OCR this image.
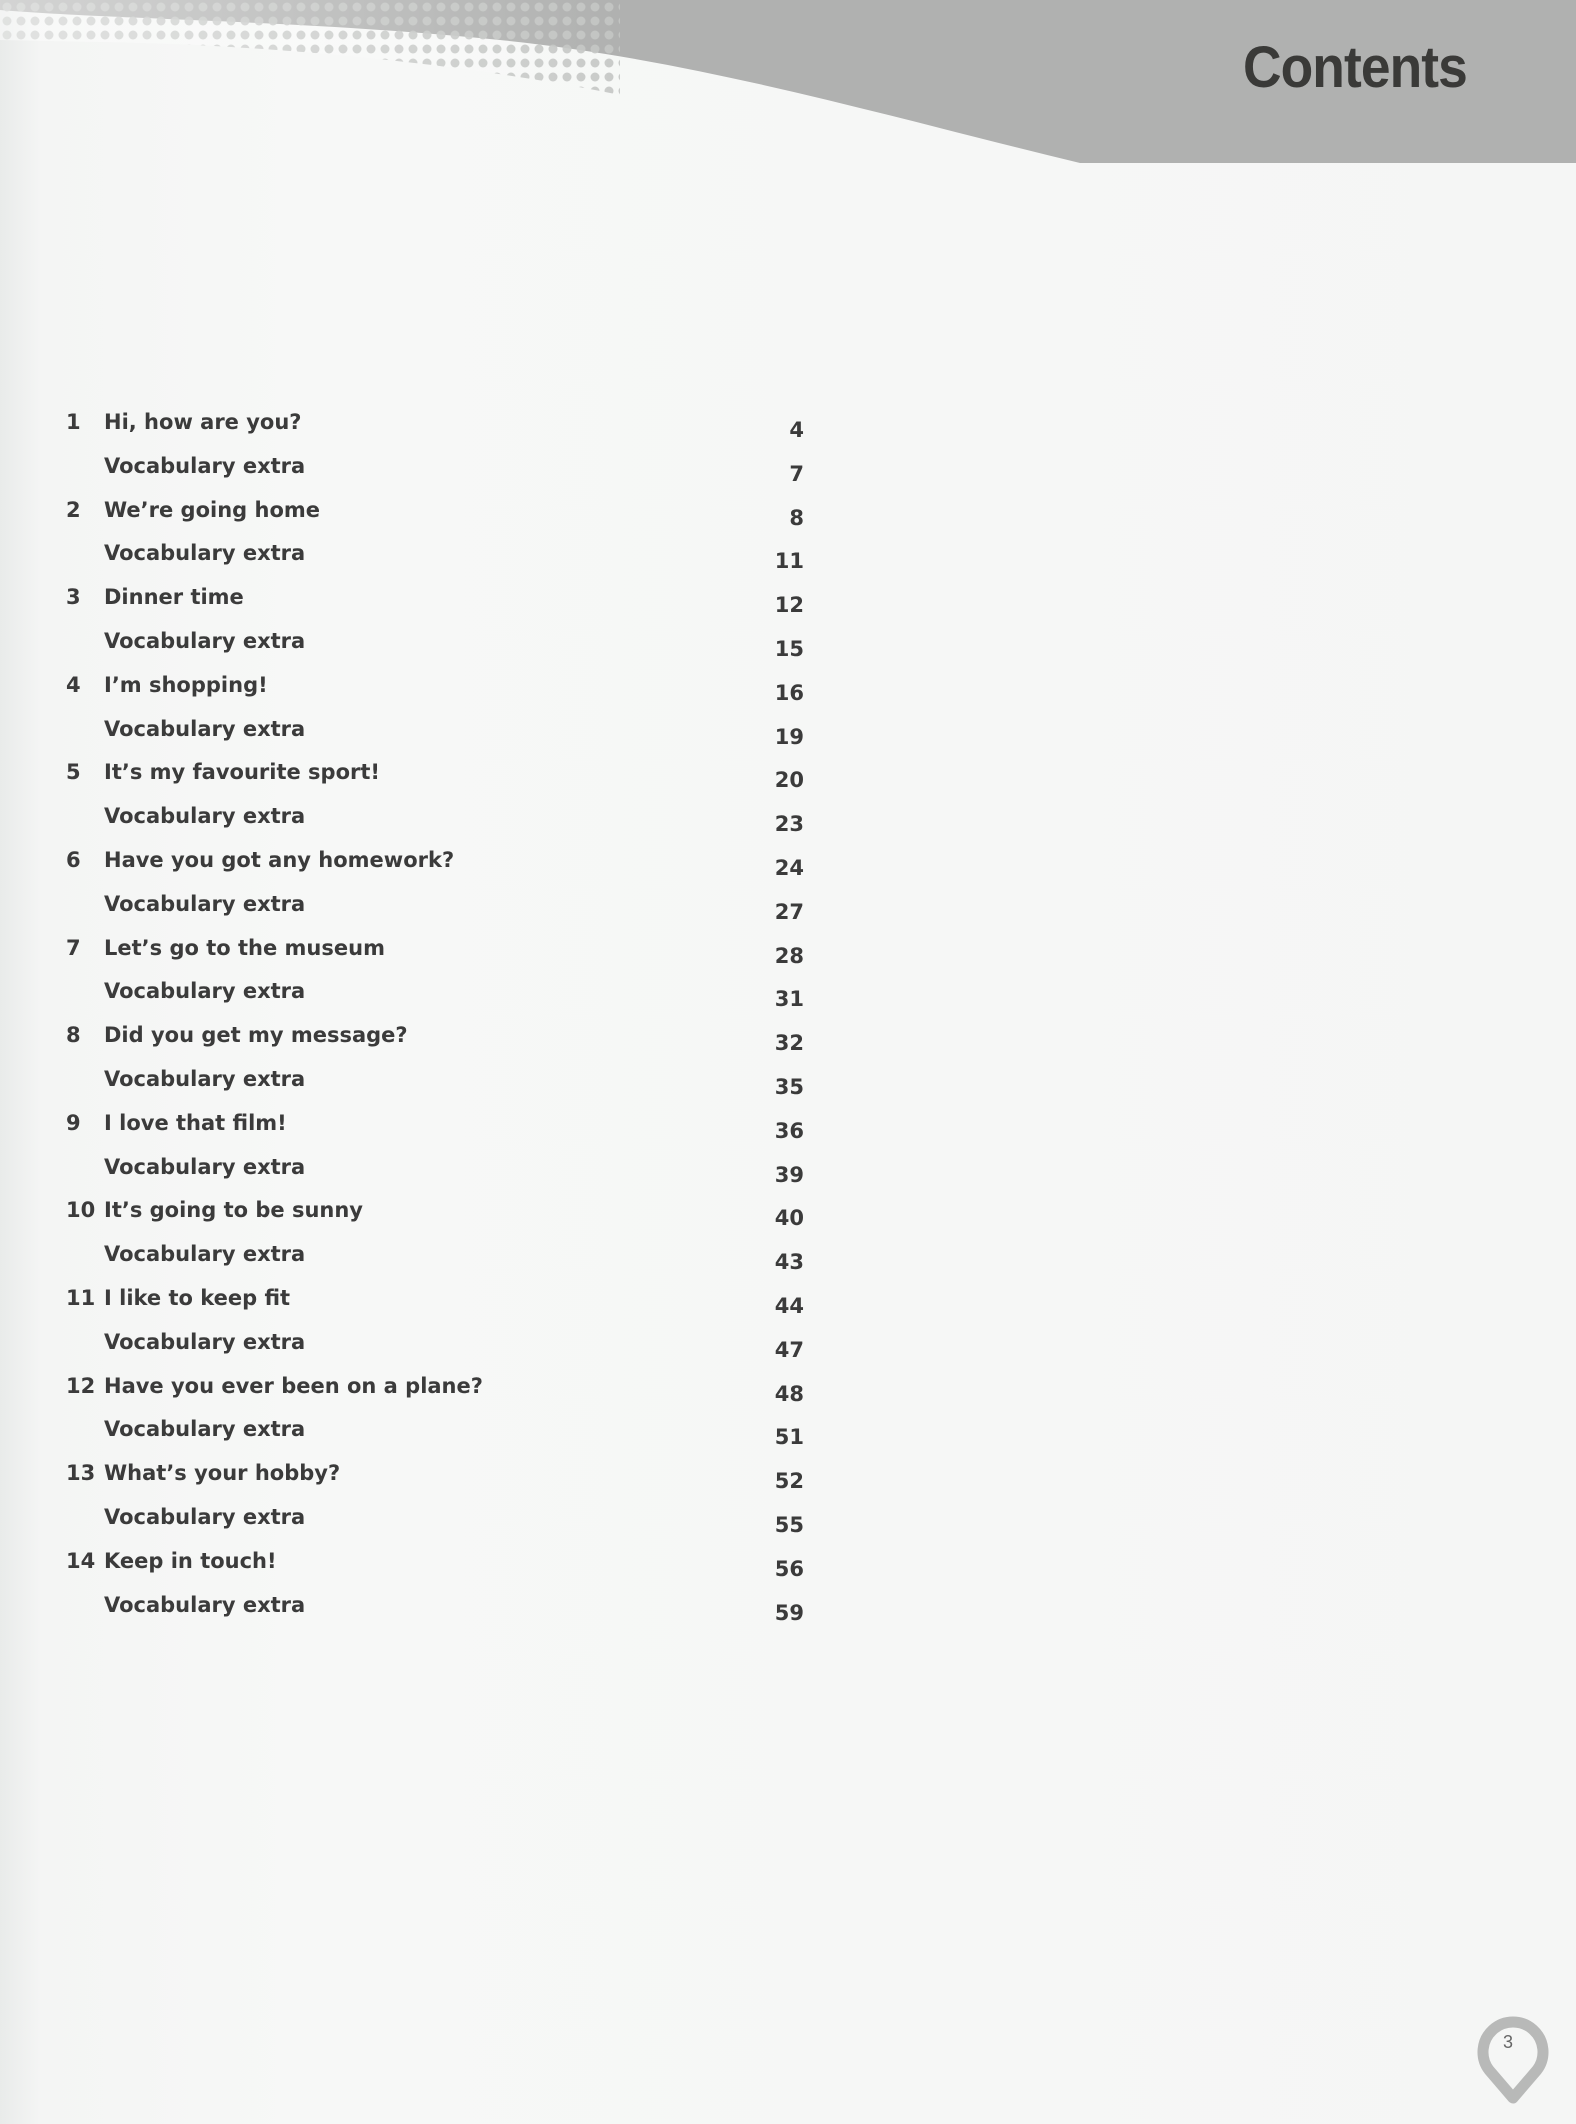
Contents
1	Hi, how are you?	4
Vocabulary extra	7
2	We’re going home	8
Vocabulary extra	11
3	Dinner time	12
Vocabulary extra	15
4	I’m shopping!	16
Vocabulary extra	19
5	It’s my favourite sport!	20
Vocabulary extra	23
6	Have you got any homework?	24
Vocabulary extra	27
7	Let’s go to the museum	28
Vocabulary extra	31
8	Did you get my message?	32
Vocabulary extra	35
9	I love that film!	36
Vocabulary extra	39
10 It’s going to be sunny	40
Vocabulary extra	43
11 I like to keep fit	44
Vocabulary extra	47
12 Have you ever been on a plane?	48
Vocabulary extra	51
13 What’s your hobby?	52
Vocabulary extra	55
14 Keep in touch!	56
Vocabulary extra	59
3
